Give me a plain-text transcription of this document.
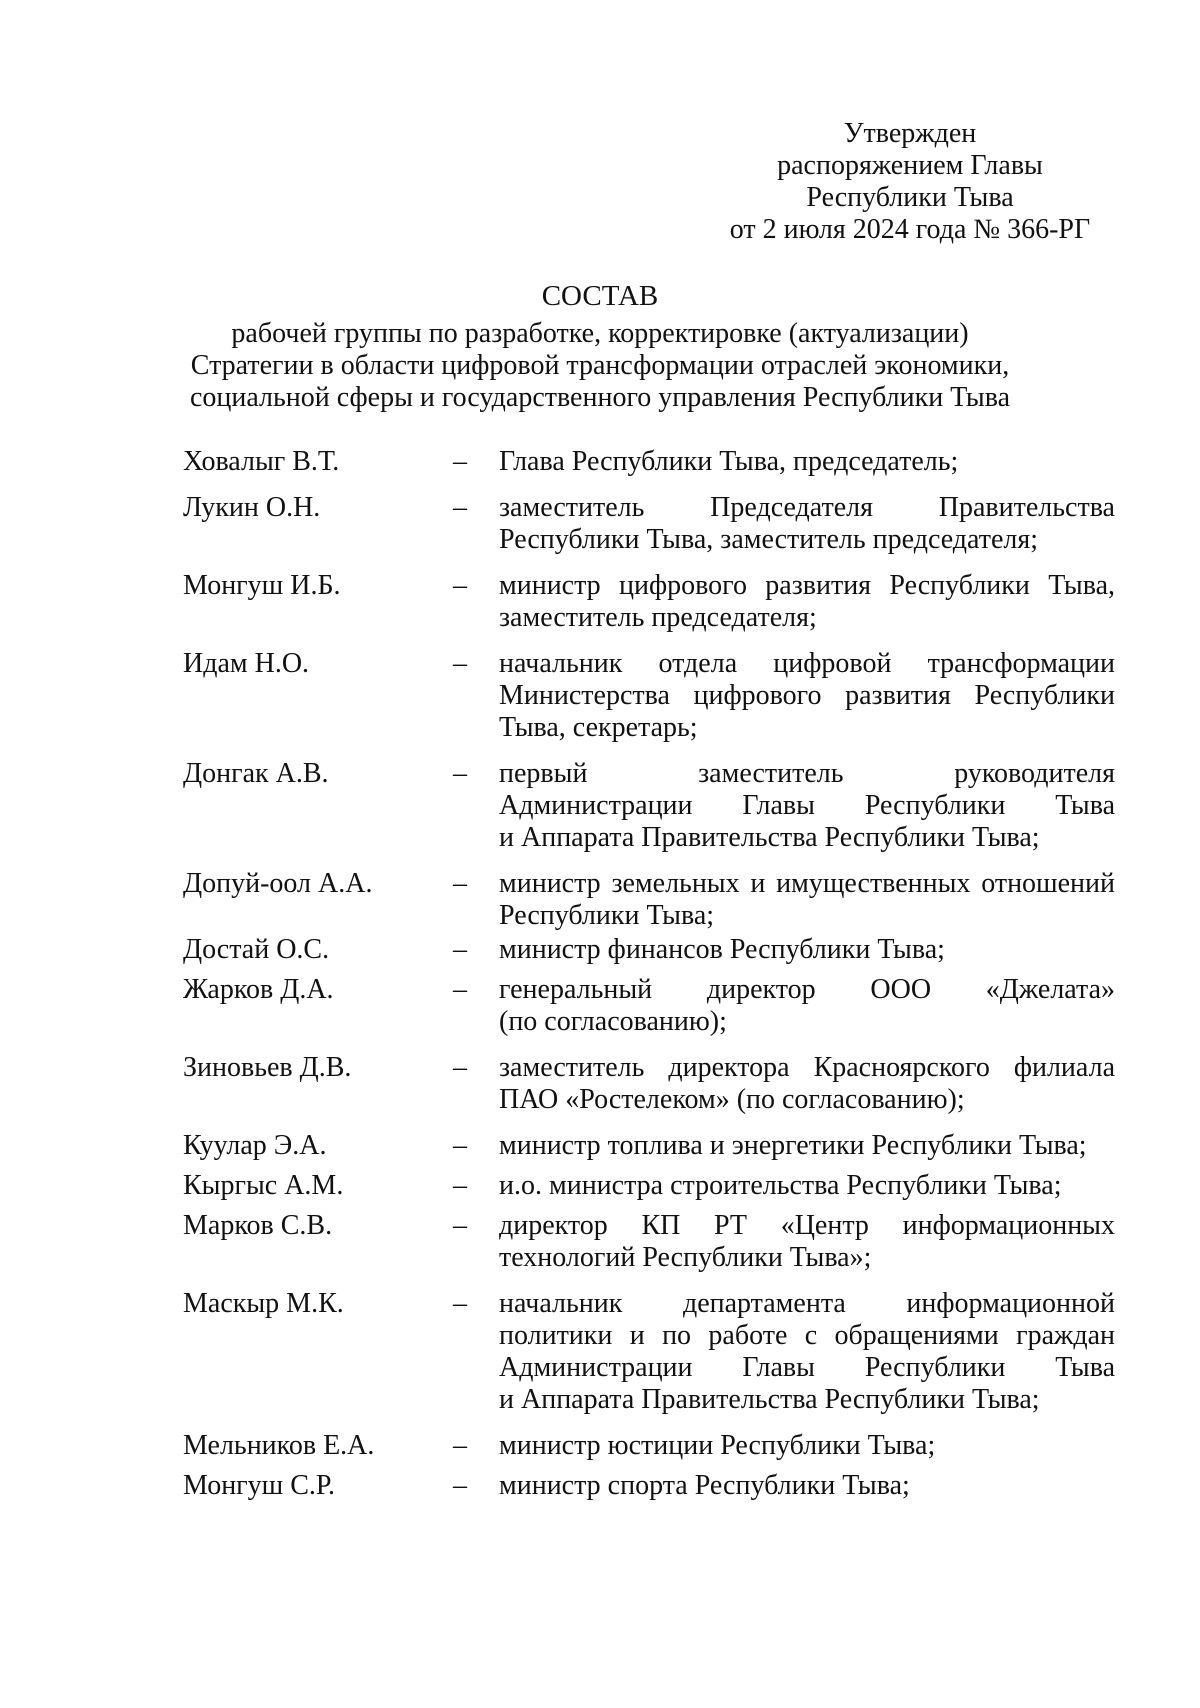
Утвержден
распоряжением Главы
Республики Тыва
от 2 июля 2024 года № 366-РГ
СОСТАВ
рабочей группы по разработке, корректировке (актуализации)
Стратегии в области цифровой трансформации отраслей экономики,
социальной сферы и государственного управления Республики Тыва
Ховалыг В.Т.	–	Глава Республики Тыва, председатель;
Лукин О.Н.	–	заместитель Председателя Правительства
Республики Тыва, заместитель председателя;
Монгуш И.Б.	–	министр цифрового развития Республики Тыва,
заместитель председателя;
Идам Н.О.	–	начальник отдела цифровой трансформации
Министерства цифрового развития Республики
Тыва, секретарь;
Донгак А.В.	–	первый заместитель руководителя
Администрации Главы Республики Тыва
и Аппарата Правительства Республики Тыва;
Допуй-оол А.А.	–	министр земельных и имущественных отношений
Республики Тыва;
Достай О.С.	–	министр финансов Республики Тыва;
Жарков Д.А.	–	генеральный директор ООО «Джелата»
(по согласованию);
Зиновьев Д.В.	–	заместитель директора Красноярского филиала
ПАО «Ростелеком» (по согласованию);
Куулар Э.А.	–	министр топлива и энергетики Республики Тыва;
Кыргыс А.М.	–	и.о. министра строительства Республики Тыва;
Марков С.В.	–	директор КП РТ «Центр информационных
технологий Республики Тыва»;
Маскыр М.К.	–	начальник департамента информационной
политики и по работе с обращениями граждан
Администрации Главы Республики Тыва
и Аппарата Правительства Республики Тыва;
Мельников Е.А.	–	министр юстиции Республики Тыва;
Монгуш С.Р.	–	министр спорта Республики Тыва;
